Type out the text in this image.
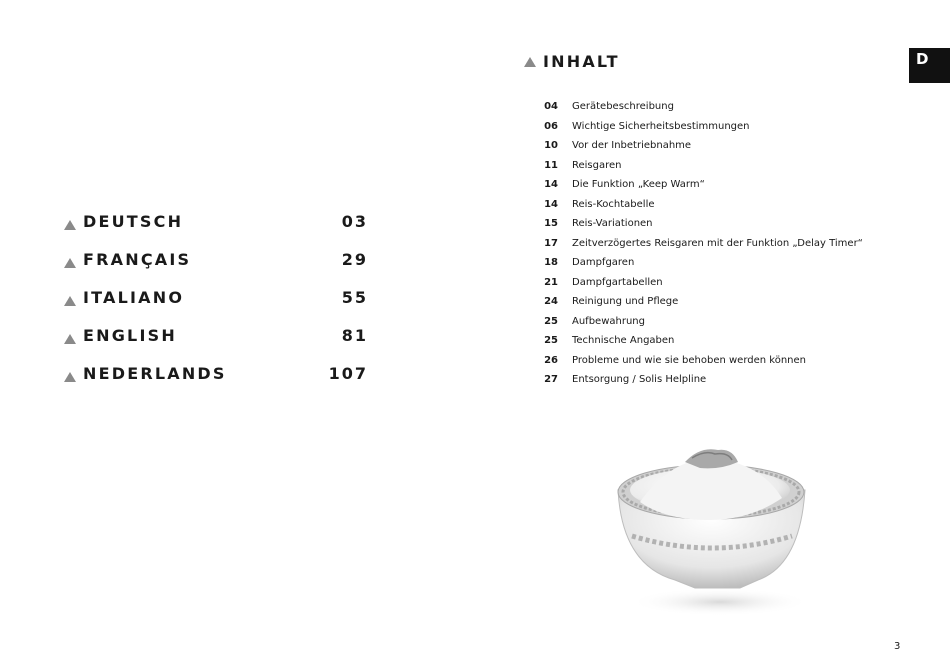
DEUTSCH	03
FRANÇAIS	29
ITALIANO	55
ENGLISH	81
NEDERLANDS	107
INHALT
04 Gerätebeschreibung
06 Wichtige Sicherheitsbestimmungen
10 Vor der Inbetriebnahme
11 Reisgaren
14 Die Funktion „Keep Warm“
14 Reis-Kochtabelle
15 Reis-Variationen
17 Zeitverzögertes Reisgaren mit der Funktion „Delay Timer“
18 Dampfgaren
21 Dampfgartabellen
24 Reinigung und Pflege
25 Aufbewahrung
25 Technische Angaben
26 Probleme und wie sie behoben werden können
27 Entsorgung / Solis Helpline
D
3
